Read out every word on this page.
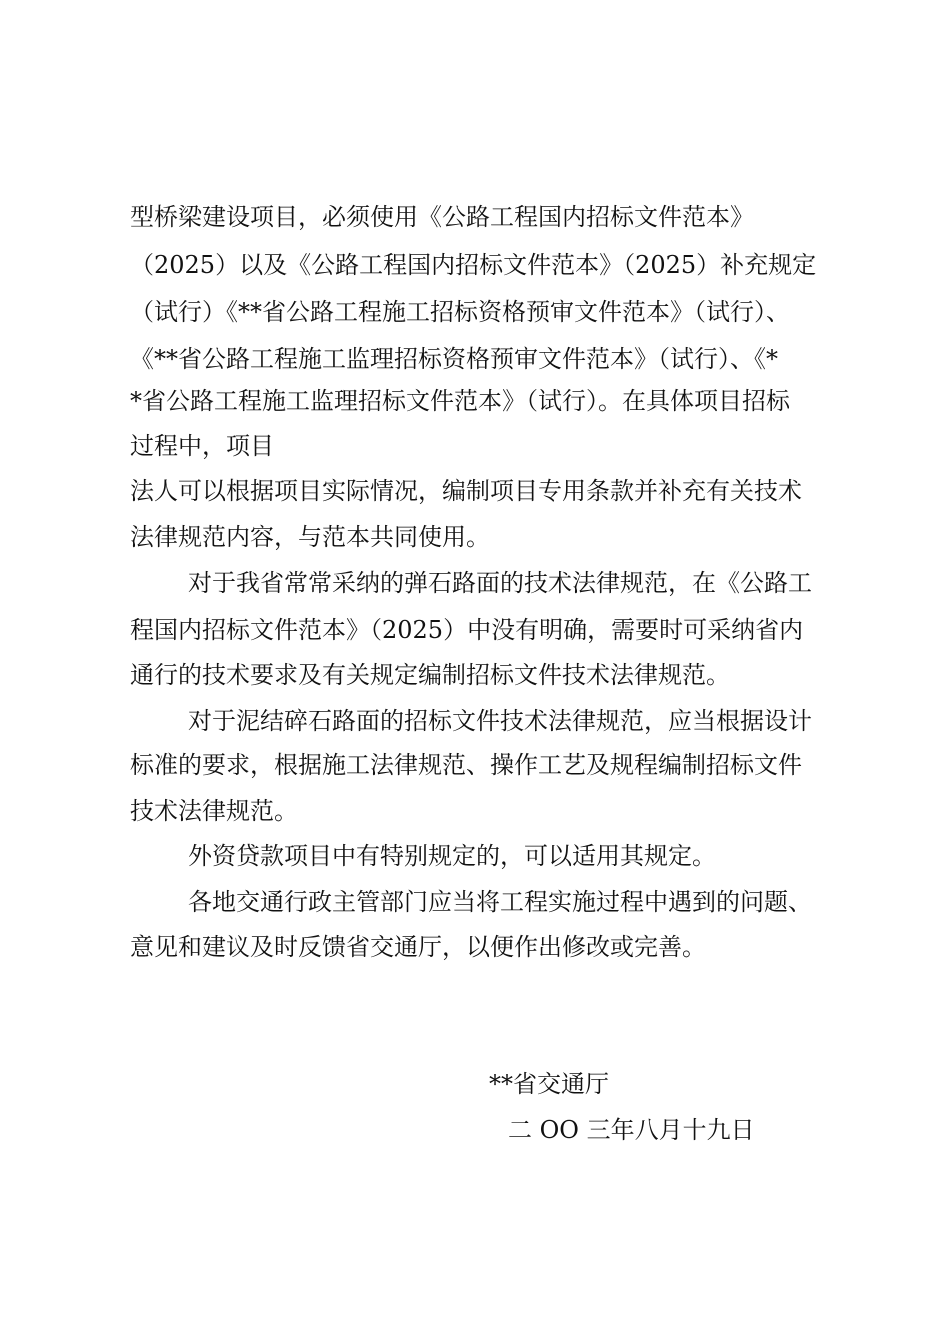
型桥梁建设项目，必须使用《公路工程国内招标文件范本》
（2025）以及《公路工程国内招标文件范本》（2025）补充规定
（试行）《**省公路工程施工招标资格预审文件范本》（试行）、
《**省公路工程施工监理招标资格预审文件范本》（试行）、《*
*省公路工程施工监理招标文件范本》（试行）。在具体项目招标
过程中，项目
法人可以根据项目实际情况，编制项目专用条款并补充有关技术
法律规范内容，与范本共同使用。
对于我省常常采纳的弹石路面的技术法律规范，在《公路工
程国内招标文件范本》（2025）中没有明确，需要时可采纳省内
通行的技术要求及有关规定编制招标文件技术法律规范。
对于泥结碎石路面的招标文件技术法律规范，应当根据设计
标准的要求，根据施工法律规范、操作工艺及规程编制招标文件
技术法律规范。
外资贷款项目中有特别规定的，可以适用其规定。
各地交通行政主管部门应当将工程实施过程中遇到的问题、
意见和建议及时反馈省交通厅，以便作出修改或完善。
**省交通厅
二 OO 三年八月十九日
